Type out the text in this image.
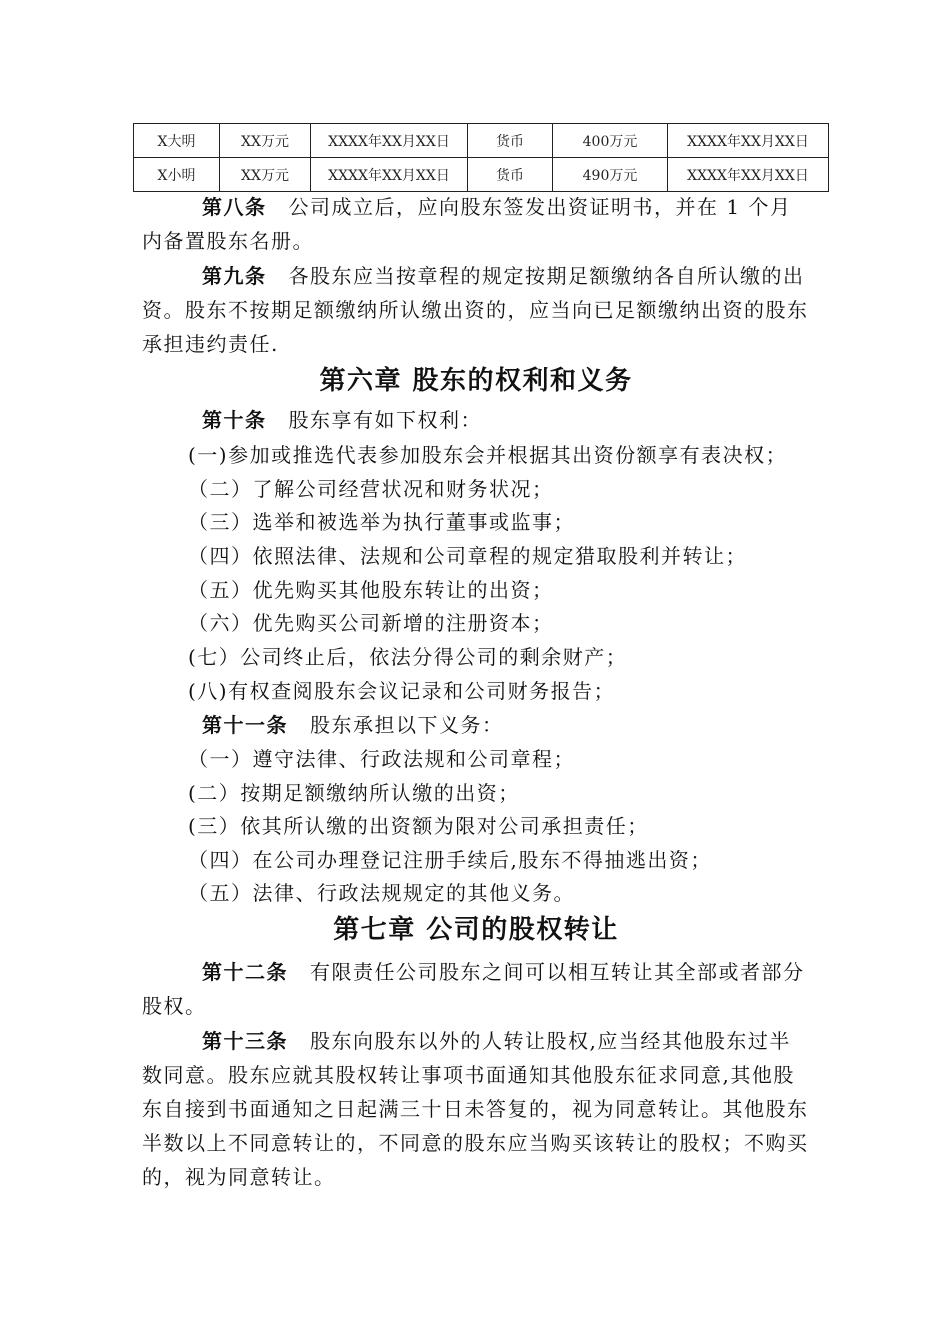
X大明	XX万元	XXXX年XX月XX日	货币	400万元	XXXX年XX月XX日
X小明	XX万元	XXXX年XX月XX日	货币	490万元	XXXX年XX月XX日

第八条 公司成立后，应向股东签发出资证明书，并在 1 个月内备置股东名册。

第九条 各股东应当按章程的规定按期足额缴纳各自所认缴的出资。股东不按期足额缴纳所认缴出资的，应当向已足额缴纳出资的股东承担违约责任.

第六章 股东的权利和义务

第十条 股东享有如下权利：

(一)参加或推选代表参加股东会并根据其出资份额享有表决权；

（二）了解公司经营状况和财务状况；

（三）选举和被选举为执行董事或监事；

（四）依照法律、法规和公司章程的规定猎取股利并转让；

（五）优先购买其他股东转让的出资；

（六）优先购买公司新增的注册资本；

(七）公司终止后，依法分得公司的剩余财产；

(八)有权查阅股东会议记录和公司财务报告；

第十一条 股东承担以下义务：

（一）遵守法律、行政法规和公司章程；

(二）按期足额缴纳所认缴的出资；

(三）依其所认缴的出资额为限对公司承担责任；

（四）在公司办理登记注册手续后,股东不得抽逃出资；

（五）法律、行政法规规定的其他义务。

第七章 公司的股权转让

第十二条 有限责任公司股东之间可以相互转让其全部或者部分股权。

第十三条 股东向股东以外的人转让股权,应当经其他股东过半数同意。股东应就其股权转让事项书面通知其他股东征求同意,其他股东自接到书面通知之日起满三十日未答复的，视为同意转让。其他股东半数以上不同意转让的，不同意的股东应当购买该转让的股权；不购买的，视为同意转让。
